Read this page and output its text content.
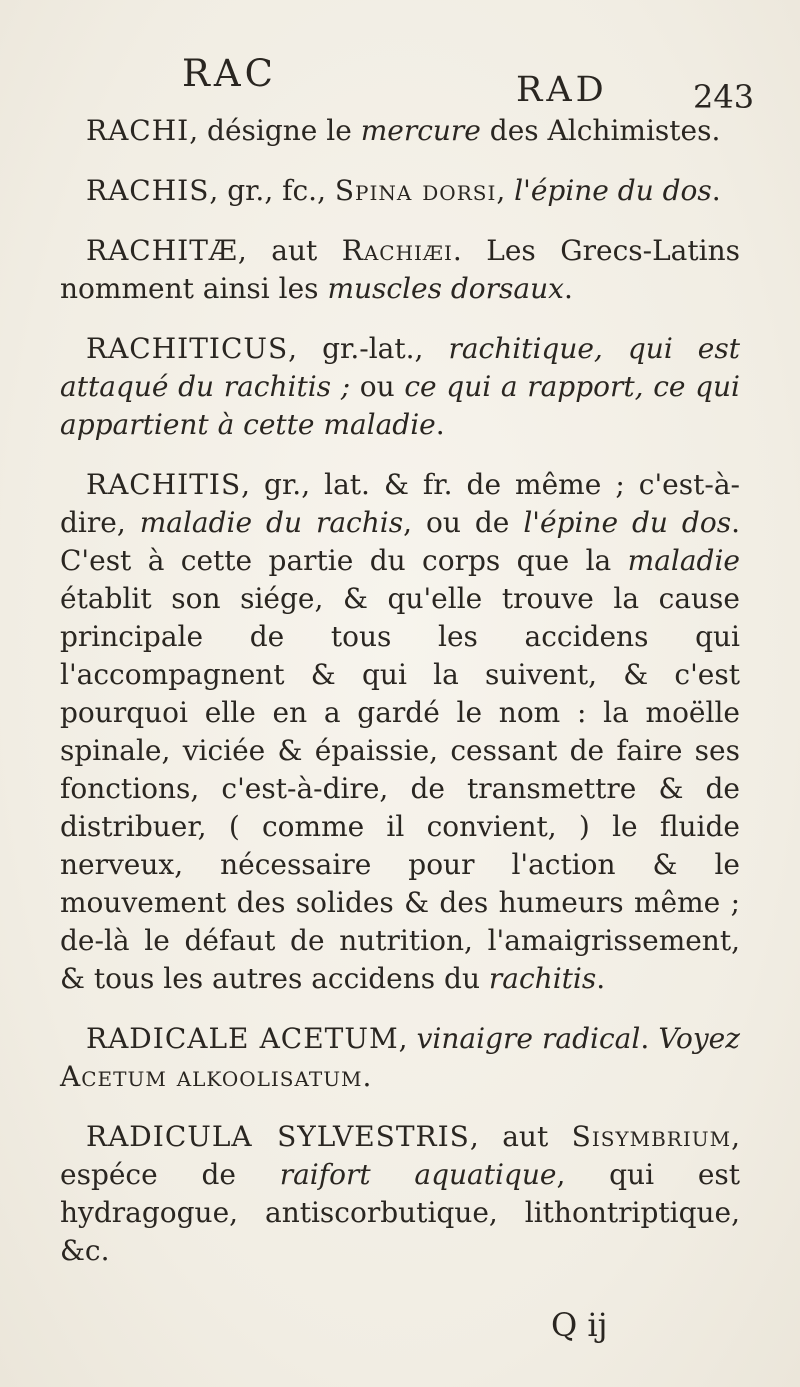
RAC	RAD	243

RACHI, désigne le mercure des Alchimistes.

RACHIS, gr., fc., Spina dorsi, l'épine du dos.

RACHITÆ, aut Rachiæi. Les Grecs-Latins nomment ainsi les muscles dorsaux.

RACHITICUS, gr.-lat., rachitique, qui est attaqué du rachitis ; ou ce qui a rapport, ce qui appartient à cette maladie.

RACHITIS, gr., lat. & fr. de même ; c'est-à-dire, maladie du rachis, ou de l'épine du dos. C'est à cette partie du corps que la maladie établit son siége, & qu'elle trouve la cause principale de tous les accidens qui l'accompagnent & qui la suivent, & c'est pourquoi elle en a gardé le nom : la moëlle spinale, viciée & épaissie, cessant de faire ses fonctions, c'est-à-dire, de transmettre & de distribuer, ( comme il convient, ) le fluide nerveux, nécessaire pour l'action & le mouvement des solides & des humeurs même ; de-là le défaut de nutrition, l'amaigrissement, & tous les autres accidens du rachitis.

RADICALE ACETUM, vinaigre radical. Voyez Acetum alkoolisatum.

RADICULA SYLVESTRIS, aut Sisymbrium, espéce de raifort aquatique, qui est hydragogue, antiscorbutique, lithontriptique, &c.

Q ij
